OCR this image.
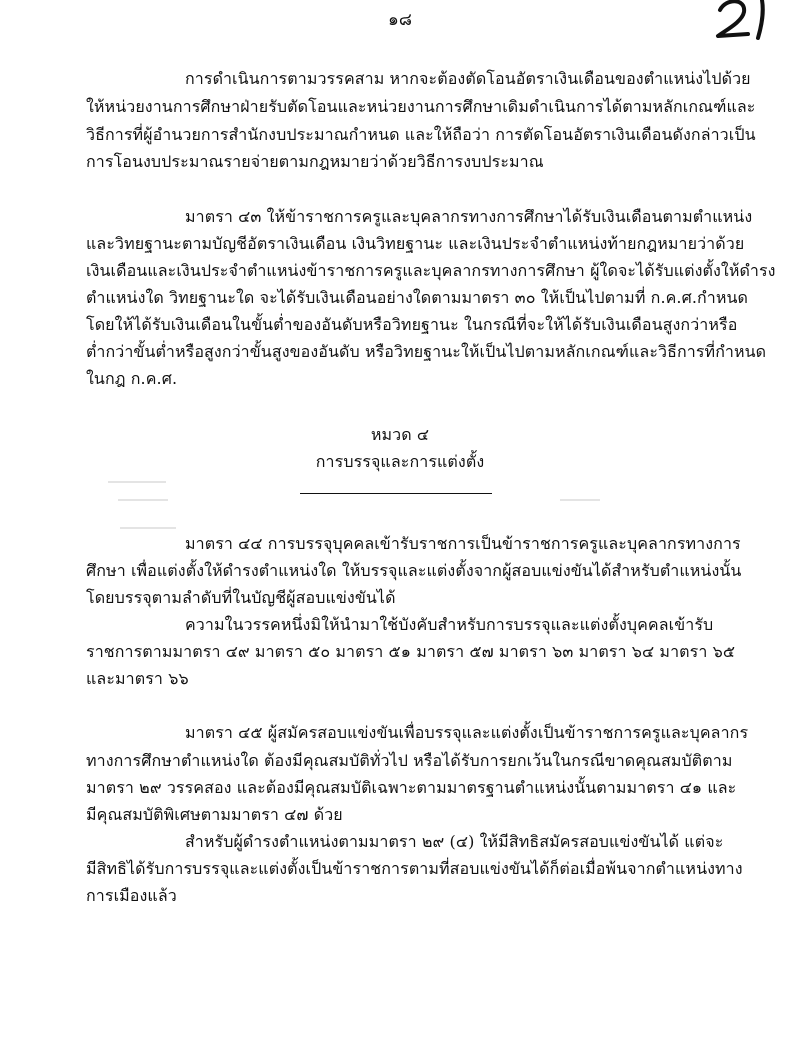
๑๘
การดำเนินการตามวรรคสาม หากจะต้องตัดโอนอัตราเงินเดือนของตำแหน่งไปด้วย
ให้หน่วยงานการศึกษาฝ่ายรับตัดโอนและหน่วยงานการศึกษาเดิมดำเนินการได้ตามหลักเกณฑ์และ
วิธีการที่ผู้อำนวยการสำนักงบประมาณกำหนด และให้ถือว่า การตัดโอนอัตราเงินเดือนดังกล่าวเป็น
การโอนงบประมาณรายจ่ายตามกฎหมายว่าด้วยวิธีการงบประมาณ
มาตรา ๔๓ ให้ข้าราชการครูและบุคลากรทางการศึกษาได้รับเงินเดือนตามตำแหน่ง
และวิทยฐานะตามบัญชีอัตราเงินเดือน เงินวิทยฐานะ และเงินประจำตำแหน่งท้ายกฎหมายว่าด้วย
เงินเดือนและเงินประจำตำแหน่งข้าราชการครูและบุคลากรทางการศึกษา ผู้ใดจะได้รับแต่งตั้งให้ดำรง
ตำแหน่งใด วิทยฐานะใด จะได้รับเงินเดือนอย่างใดตามมาตรา ๓๐ ให้เป็นไปตามที่ ก.ค.ศ.กำหนด
โดยให้ได้รับเงินเดือนในขั้นต่ำของอันดับหรือวิทยฐานะ ในกรณีที่จะให้ได้รับเงินเดือนสูงกว่าหรือ
ต่ำกว่าขั้นต่ำหรือสูงกว่าขั้นสูงของอันดับ หรือวิทยฐานะให้เป็นไปตามหลักเกณฑ์และวิธีการที่กำหนด
ในกฎ ก.ค.ศ.
หมวด ๔
การบรรจุและการแต่งตั้ง
มาตรา ๔๔ การบรรจุบุคคลเข้ารับราชการเป็นข้าราชการครูและบุคลากรทางการ
ศึกษา เพื่อแต่งตั้งให้ดำรงตำแหน่งใด ให้บรรจุและแต่งตั้งจากผู้สอบแข่งขันได้สำหรับตำแหน่งนั้น
โดยบรรจุตามลำดับที่ในบัญชีผู้สอบแข่งขันได้
ความในวรรคหนึ่งมิให้นำมาใช้บังคับสำหรับการบรรจุและแต่งตั้งบุคคลเข้ารับ
ราชการตามมาตรา ๔๙ มาตรา ๕๐ มาตรา ๕๑ มาตรา ๕๗ มาตรา ๖๓ มาตรา ๖๔ มาตรา ๖๕
และมาตรา ๖๖
มาตรา ๔๕ ผู้สมัครสอบแข่งขันเพื่อบรรจุและแต่งตั้งเป็นข้าราชการครูและบุคลากร
ทางการศึกษาตำแหน่งใด ต้องมีคุณสมบัติทั่วไป หรือได้รับการยกเว้นในกรณีขาดคุณสมบัติตาม
มาตรา ๒๙ วรรคสอง และต้องมีคุณสมบัติเฉพาะตามมาตรฐานตำแหน่งนั้นตามมาตรา ๔๑ และ
มีคุณสมบัติพิเศษตามมาตรา ๔๗ ด้วย
สำหรับผู้ดำรงตำแหน่งตามมาตรา ๒๙ (๔) ให้มีสิทธิสมัครสอบแข่งขันได้ แต่จะ
มีสิทธิได้รับการบรรจุและแต่งตั้งเป็นข้าราชการตามที่สอบแข่งขันได้ก็ต่อเมื่อพ้นจากตำแหน่งทาง
การเมืองแล้ว
